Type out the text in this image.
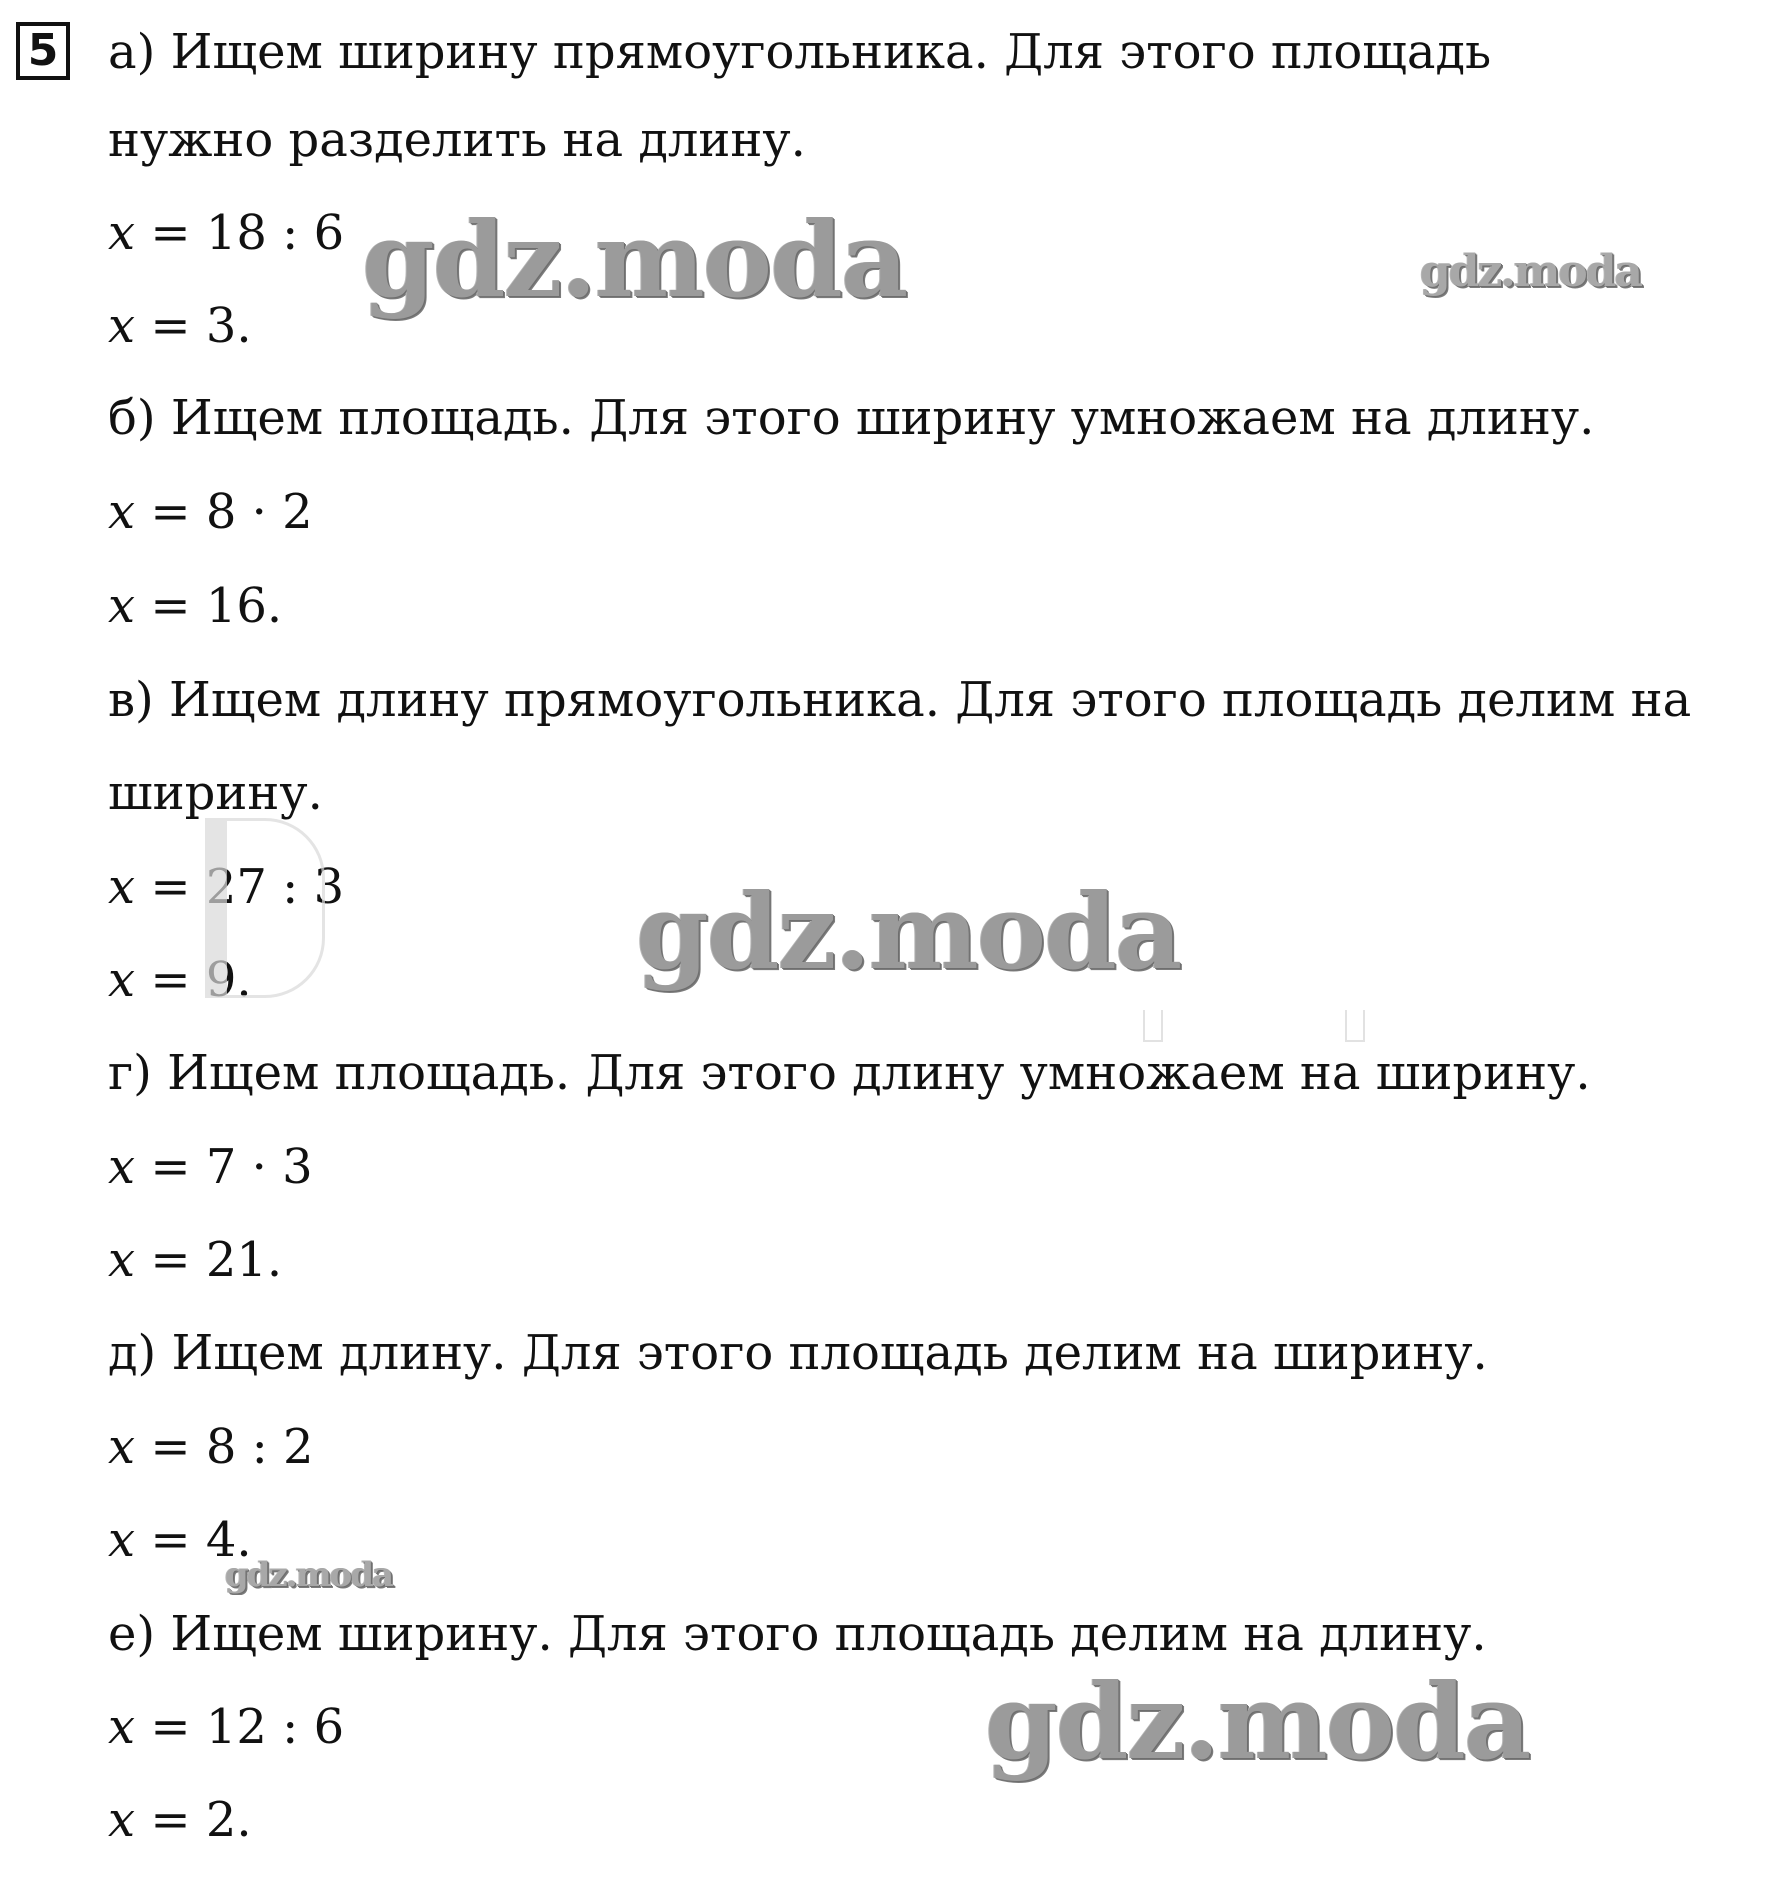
5 а) Ищем ширину прямоугольника. Для этого площадь
нужно разделить на длину.
x = 18 : 6
x = 3.
б) Ищем площадь. Для этого ширину умножаем на длину.
x = 8 · 2
x = 16.
в) Ищем длину прямоугольника. Для этого площадь делим на
ширину.
x = 27 : 3
x = 9.
г) Ищем площадь. Для этого длину умножаем на ширину.
x = 7 · 3
x = 21.
д) Ищем длину. Для этого площадь делим на ширину.
x = 8 : 2
x = 4.
е) Ищем ширину. Для этого площадь делим на длину.
x = 12 : 6
x = 2.
gdz.moda	gdz.moda
gdz.moda
gdz.moda
gdz.moda
